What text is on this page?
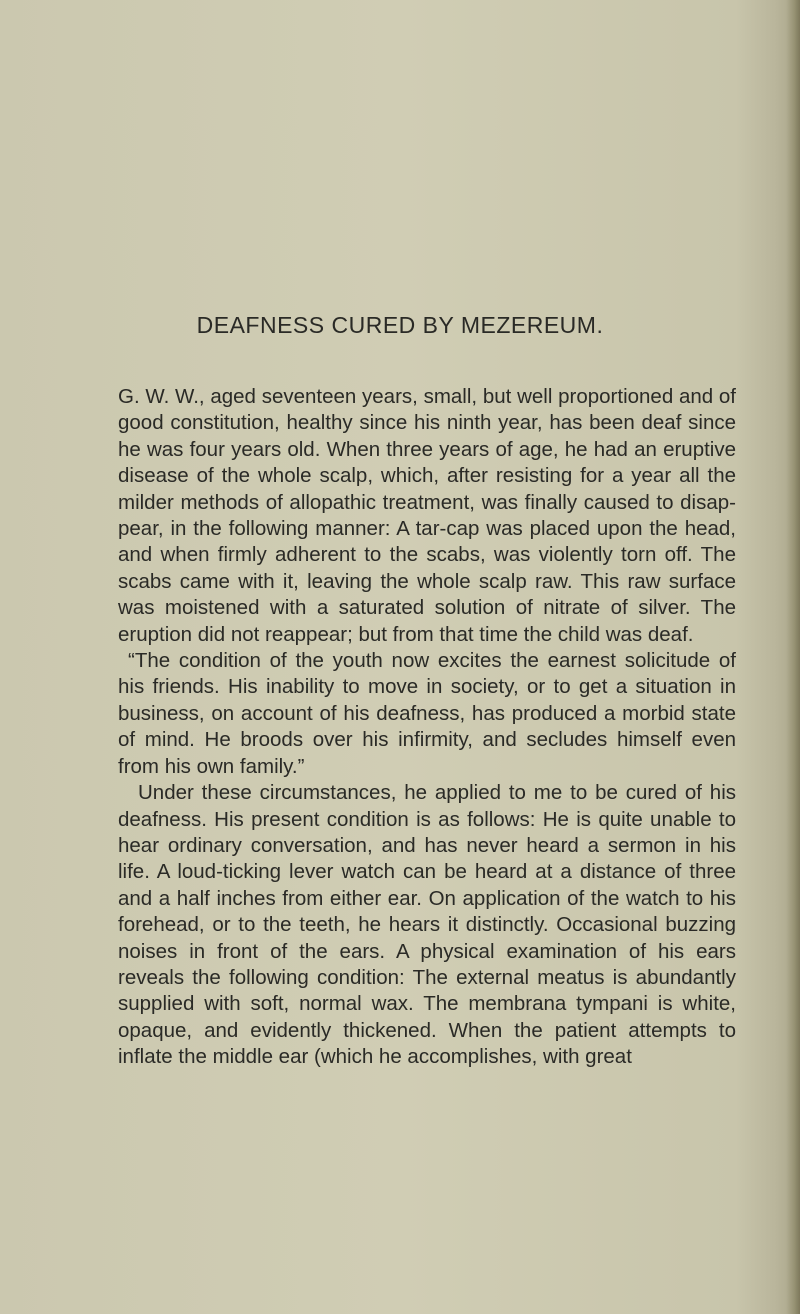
DEAFNESS CURED BY MEZEREUM.

G. W. W., aged seventeen years, small, but well proportioned and of good constitution, healthy since his ninth year, has been deaf since he was four years old. When three years of age, he had an eruptive disease of the whole scalp, which, after resisting for a year all the milder methods of allopathic treatment, was finally caused to disappear, in the following manner: A tar-cap was placed upon the head, and when firmly adherent to the scabs, was violently torn off. The scabs came with it, leaving the whole scalp raw. This raw surface was moistened with a saturated solution of nitrate of silver. The eruption did not reappear; but from that time the child was deaf.

“The condition of the youth now excites the earnest solicitude of his friends. His inability to move in society, or to get a situation in business, on account of his deafness, has produced a morbid state of mind. He broods over his infirmity, and secludes himself even from his own family.”

Under these circumstances, he applied to me to be cured of his deafness. His present condition is as follows: He is quite unable to hear ordinary conversation, and has never heard a sermon in his life. A loud-ticking lever watch can be heard at a distance of three and a half inches from either ear. On application of the watch to his forehead, or to the teeth, he hears it distinctly. Occasional buzzing noises in front of the ears. A physical examination of his ears reveals the following condition: The external meatus is abundantly supplied with soft, normal wax. The membrana tympani is white, opaque, and evidently thickened. When the patient attempts to inflate the middle ear (which he accomplishes, with great
